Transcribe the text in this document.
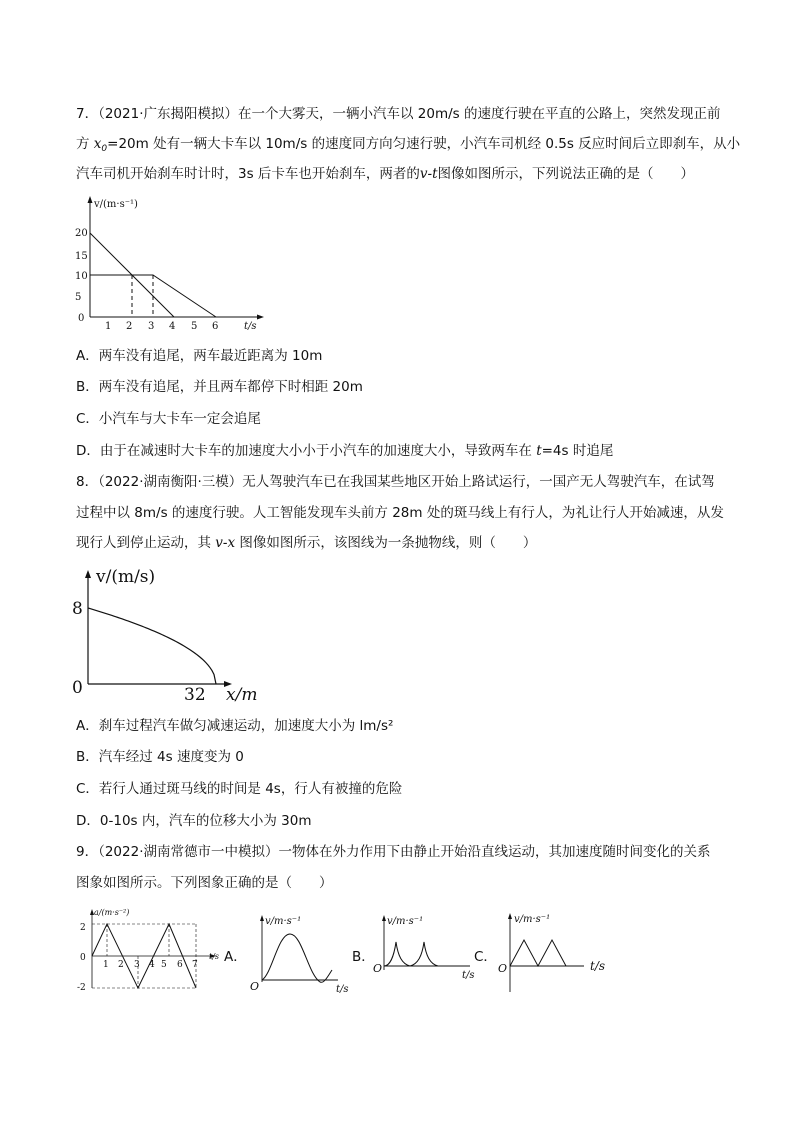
7．（2021·广东揭阳模拟）在一个大雾天，一辆小汽车以 20m/s 的速度行驶在平直的公路上，突然发现正前
方 $x_0=20m$ 处有一辆大卡车以 10m/s 的速度同方向匀速行驶，小汽车司机经 0.5s 反应时间后立即刹车，从小
汽车司机开始刹车时计时，3s 后卡车也开始刹车，两者的v-t图像如图所示，下列说法正确的是（　　）
v/(m·s⁻¹)
t/s
20
15
5
0
10
1 2 3 4 5 6
A．两车没有追尾，两车最近距离为 10m
B．两车没有追尾，并且两车都停下时相距 20m
C．小汽车与大卡车一定会追尾
D．由于在减速时大卡车的加速度大小小于小汽车的加速度大小，导致两车在 t=4s 时追尾
8．（2022·湖南衡阳·三模）无人驾驶汽车已在我国某些地区开始上路试运行，一国产无人驾驶汽车，在试驾
过程中以 8m/s 的速度行驶。人工智能发现车头前方 28m 处的斑马线上有行人，为礼让行人开始减速，从发
现行人到停止运动，其 v-x 图像如图所示，该图线为一条抛物线，则（　　）
v/(m/s)
x/m
8
0	32
A．刹车过程汽车做匀减速运动，加速度大小为 lm/s²
B．汽车经过 4s 速度变为 0
C．若行人通过斑马线的时间是 4s，行人有被撞的危险
D．0-10s 内，汽车的位移大小为 30m
9．（2022·湖南常德市一中模拟）一物体在外力作用下由静止开始沿直线运动，其加速度随时间变化的关系
图象如图所示。下列图象正确的是（　　）
a/(m·s⁻²)
t/s
2
0
-2
1 2 3 4 5 6 7 A．
v/m·s⁻¹
t/s
O
B．
v/m·s⁻¹
t/s
O
C．
v/m·s⁻¹
t/s
O
